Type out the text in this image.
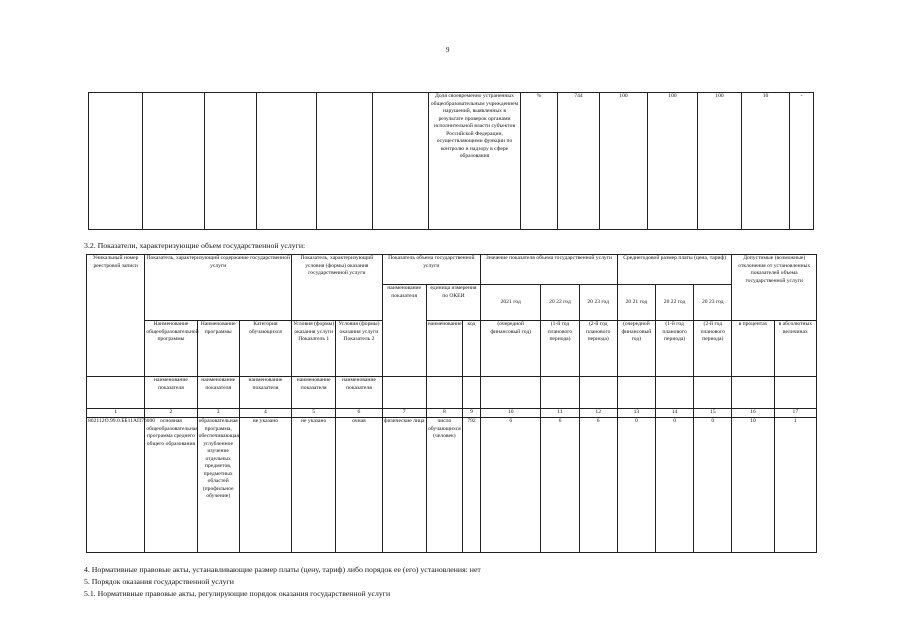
9
						Доля своевременно устраненных общеобразовательным учреждением нарушений, выявленных в результате проверок органами исполнительной власти субъектов Российской Федерации, осуществляющими функции по контролю и надзору в сфере образования	%	744	100	100	100	10	-
3.2. Показатели, характеризующие объем государственной услуги:
Уникальный номер реестровой записи	Показатель, характеризующий содержание государственной услуги			Показатель, характеризующий условия (формы) оказания государственной услуги		Показатель объема государственной услуги			Значение показателя объема государственной услуги			Среднегодовой размер платы (цена, тариф)			Допустимые (возможные) отклонения от установленных показателей объема государственной услуги	
						наименование показателя	единица измерения по ОКЕИ		2021 год	20 22 год	20 23 год	20 21 год	20 22 год	20 23 год		
	Наименование общеобразовательной программы	Наименование программы	Категория обучающихся	Условия (формы) оказания услуги Показатель 1	Условия (формы) оказания услуги Показатель 2		наименование	код	(очередной финансовый год)	(1-й год планового периода)	(2-й год планового периода)	(очередной финансовый год)	(1-й год планового периода)	(2-й год планового периода)	в процентах	в абсолютных величинах
	наименование показателя	наименование показателя	наименование показателя	наименование показателя	наименование показателя											
1	2	3	4	5	6	7	8	9	10	11	12	13	14	15	16	17
802112О.99.0.ББ11АП76000	основная общеобразовательная программа среднего общего образования	образовательная программа, обеспечивающая углубленное изучение отдельных предметов, предметных областей (профильное обучение)	не указано	не указано	очная	физические лица	число обучающихся (человек)	792	6	6	6	0	0	0	10	1
4. Нормативные правовые акты, устанавливающие размер платы (цену, тариф) либо порядок ее (его) установления: нет
5. Порядок оказания государственной услуги
5.1. Нормативные правовые акты, регулирующие порядок оказания государственной услуги
